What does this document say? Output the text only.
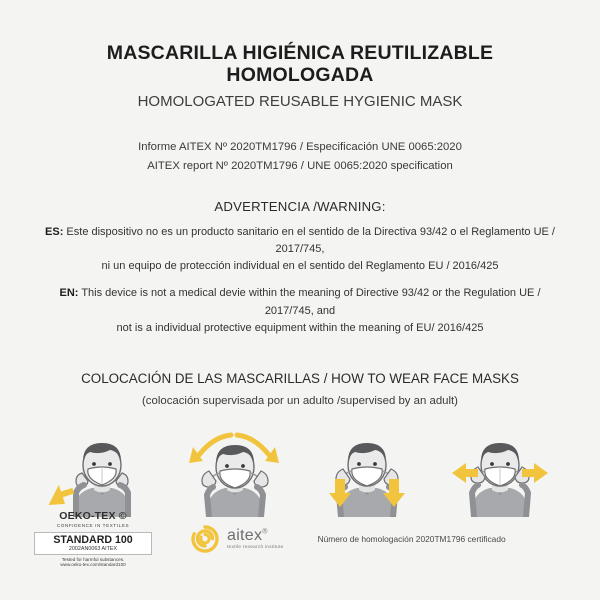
MASCARILLA HIGIÉNICA REUTILIZABLE HOMOLOGADA
HOMOLOGATED REUSABLE HYGIENIC MASK
Informe AITEX Nº 2020TM1796 / Especificación UNE 0065:2020
AITEX report Nº 2020TM1796 / UNE 0065:2020 specification
ADVERTENCIA /WARNING:
ES: Este dispositivo no es un producto sanitario en el sentido de la Directiva 93/42 o el Reglamento UE / 2017/745,
ni un equipo de protección individual en el sentido del Reglamento EU / 2016/425
EN: This device is not a medical devie within the meaning of Directive 93/42 or the Regulation UE / 2017/745, and
not is a individual protective equipment within the meaning of EU/ 2016/425
COLOCACIÓN DE LAS MASCARILLAS / HOW TO WEAR FACE MASKS
(colocación supervisada por un adulto /supervised by an adult)
OEKO-TEX ©
CONFIDENCE IN TEXTILES
STANDARD 100
2002AN0063 AITEX
Tested for harmful substances.
www.oeko-tex.com/standard100
aitex®
textile research institute
Número de homologación 2020TM1796 certificado
